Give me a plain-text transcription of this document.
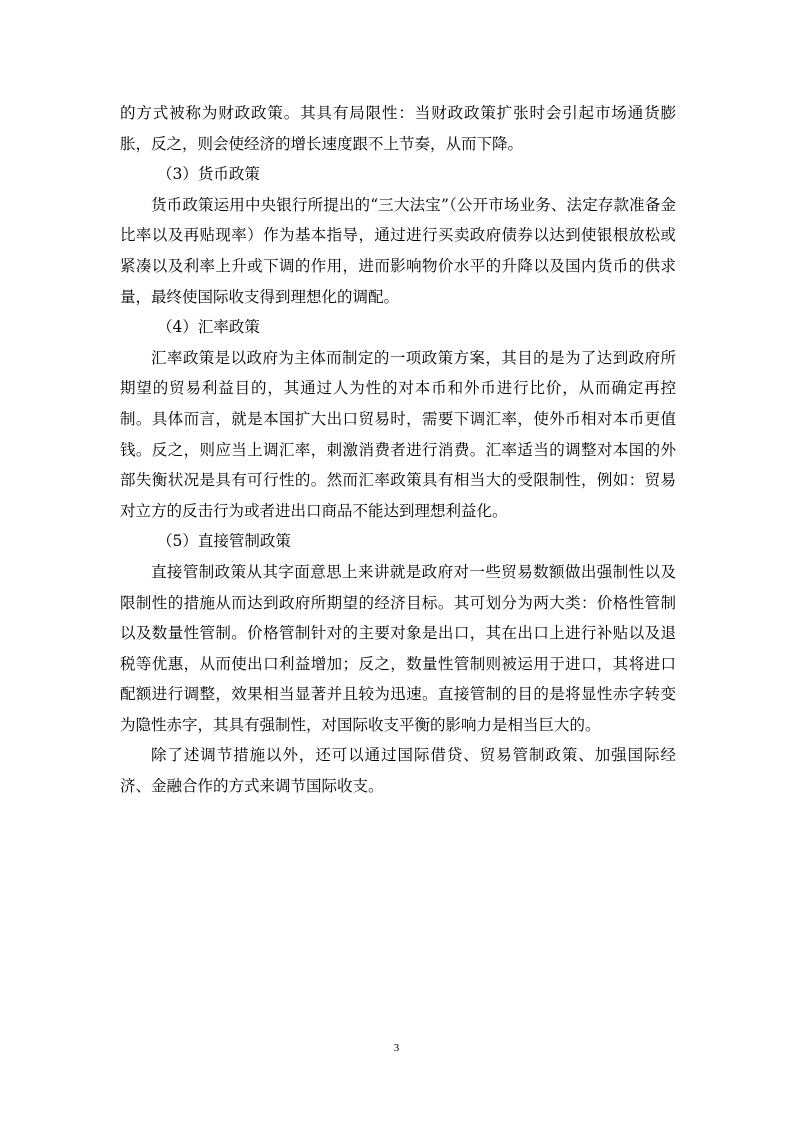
的方式被称为财政政策。其具有局限性：当财政政策扩张时会引起市场通货膨胀，反之，则会使经济的增长速度跟不上节奏，从而下降。

（3）货币政策

货币政策运用中央银行所提出的“三大法宝”（公开市场业务、法定存款准备金比率以及再贴现率）作为基本指导，通过进行买卖政府债券以达到使银根放松或紧凑以及利率上升或下调的作用，进而影响物价水平的升降以及国内货币的供求量，最终使国际收支得到理想化的调配。

（4）汇率政策

汇率政策是以政府为主体而制定的一项政策方案，其目的是为了达到政府所期望的贸易利益目的，其通过人为性的对本币和外币进行比价，从而确定再控制。具体而言，就是本国扩大出口贸易时，需要下调汇率，使外币相对本币更值钱。反之，则应当上调汇率，刺激消费者进行消费。汇率适当的调整对本国的外部失衡状况是具有可行性的。然而汇率政策具有相当大的受限制性，例如：贸易对立方的反击行为或者进出口商品不能达到理想利益化。

（5）直接管制政策

直接管制政策从其字面意思上来讲就是政府对一些贸易数额做出强制性以及限制性的措施从而达到政府所期望的经济目标。其可划分为两大类：价格性管制以及数量性管制。价格管制针对的主要对象是出口，其在出口上进行补贴以及退税等优惠，从而使出口利益增加；反之，数量性管制则被运用于进口，其将进口配额进行调整，效果相当显著并且较为迅速。直接管制的目的是将显性赤字转变为隐性赤字，其具有强制性，对国际收支平衡的影响力是相当巨大的。

除了述调节措施以外，还可以通过国际借贷、贸易管制政策、加强国际经济、金融合作的方式来调节国际收支。

3
